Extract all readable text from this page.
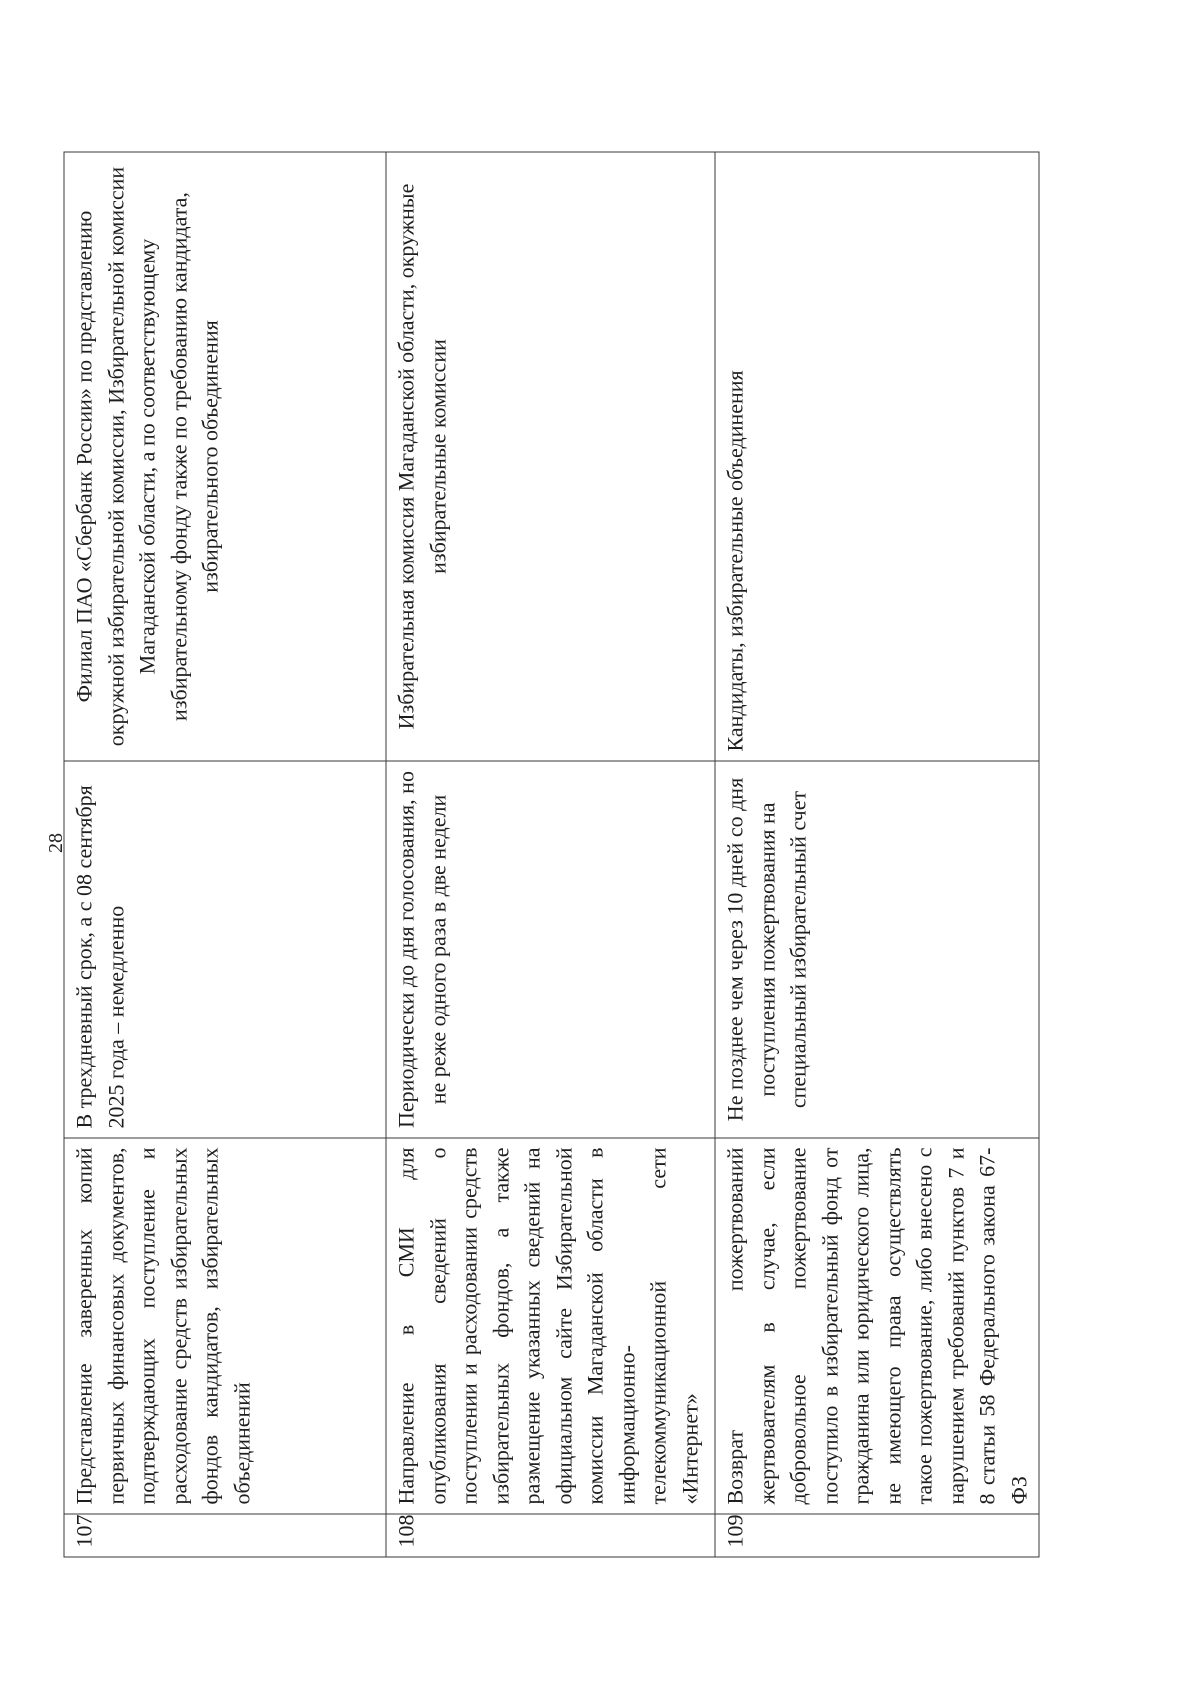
28
107	Представление заверенных копий первичных финансовых документов, подтверждающих поступление и расходование средств избирательных фондов кандидатов, избирательных объединений	В трехдневный срок, а с 08 сентября 2025 года – немедленно	Филиал ПАО «Сбербанк России» по представлению окружной избирательной комиссии, Избирательной комиссии Магаданской области, а по соответствующему избирательному фонду также по требованию кандидата, избирательного объединения
108	Направление в СМИ для опубликования сведений о поступлении и расходовании средств избирательных фондов, а также размещение указанных сведений на официальном сайте Избирательной комиссии Магаданской области в информационно-телекоммуникационной сети «Интернет»	Периодически до дня голосования, но не реже одного раза в две недели	Избирательная комиссия Магаданской области, окружные избирательные комиссии
109	Возврат пожертвований жертвователям в случае, если добровольное пожертвование поступило в избирательный фонд от гражданина или юридического лица, не имеющего права осуществлять такое пожертвование, либо внесено с нарушением требований пунктов 7 и 8 статьи 58 Федерального закона 67-ФЗ	Не позднее чем через 10 дней со дня поступления пожертвования на специальный избирательный счет	Кандидаты, избирательные объединения
